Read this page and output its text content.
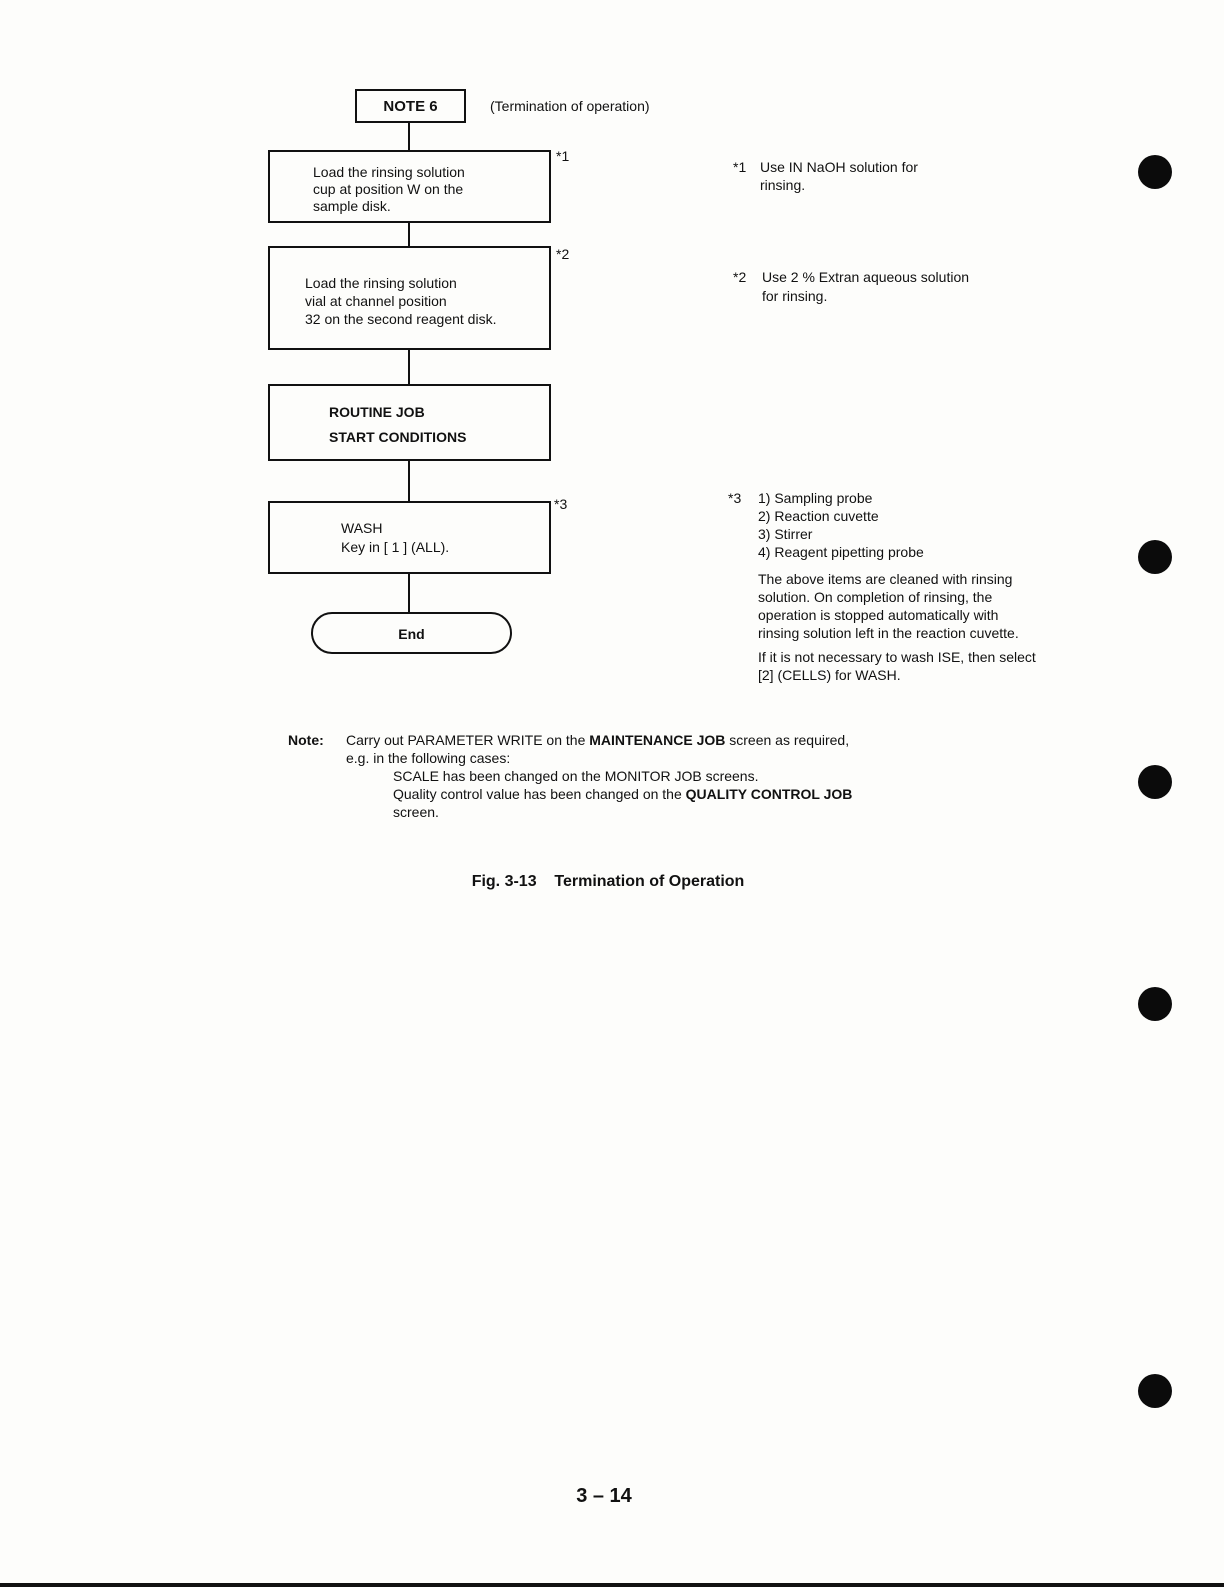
NOTE 6	(Termination of operation)
Load the rinsing solution
cup at position W on the
sample disk.
*1
Load the rinsing solution
vial at channel position
32 on the second reagent disk.
*2
ROUTINE JOB
START CONDITIONS
WASH
Key in [ 1 ] (ALL).
*3
End
*1 Use IN NaOH solution for
rinsing.
*2 Use 2 % Extran aqueous solution
for rinsing.
*3 1) Sampling probe
2) Reaction cuvette
3) Stirrer
4) Reagent pipetting probe
The above items are cleaned with rinsing
solution. On completion of rinsing, the
operation is stopped automatically with
rinsing solution left in the reaction cuvette.
If it is not necessary to wash ISE, then select
[2] (CELLS) for WASH.
Note: Carry out PARAMETER WRITE on the MAINTENANCE JOB screen as required,
e.g. in the following cases:
SCALE has been changed on the MONITOR JOB screens.
Quality control value has been changed on the QUALITY CONTROL JOB
screen.
Fig. 3-13    Termination of Operation
3 – 14
